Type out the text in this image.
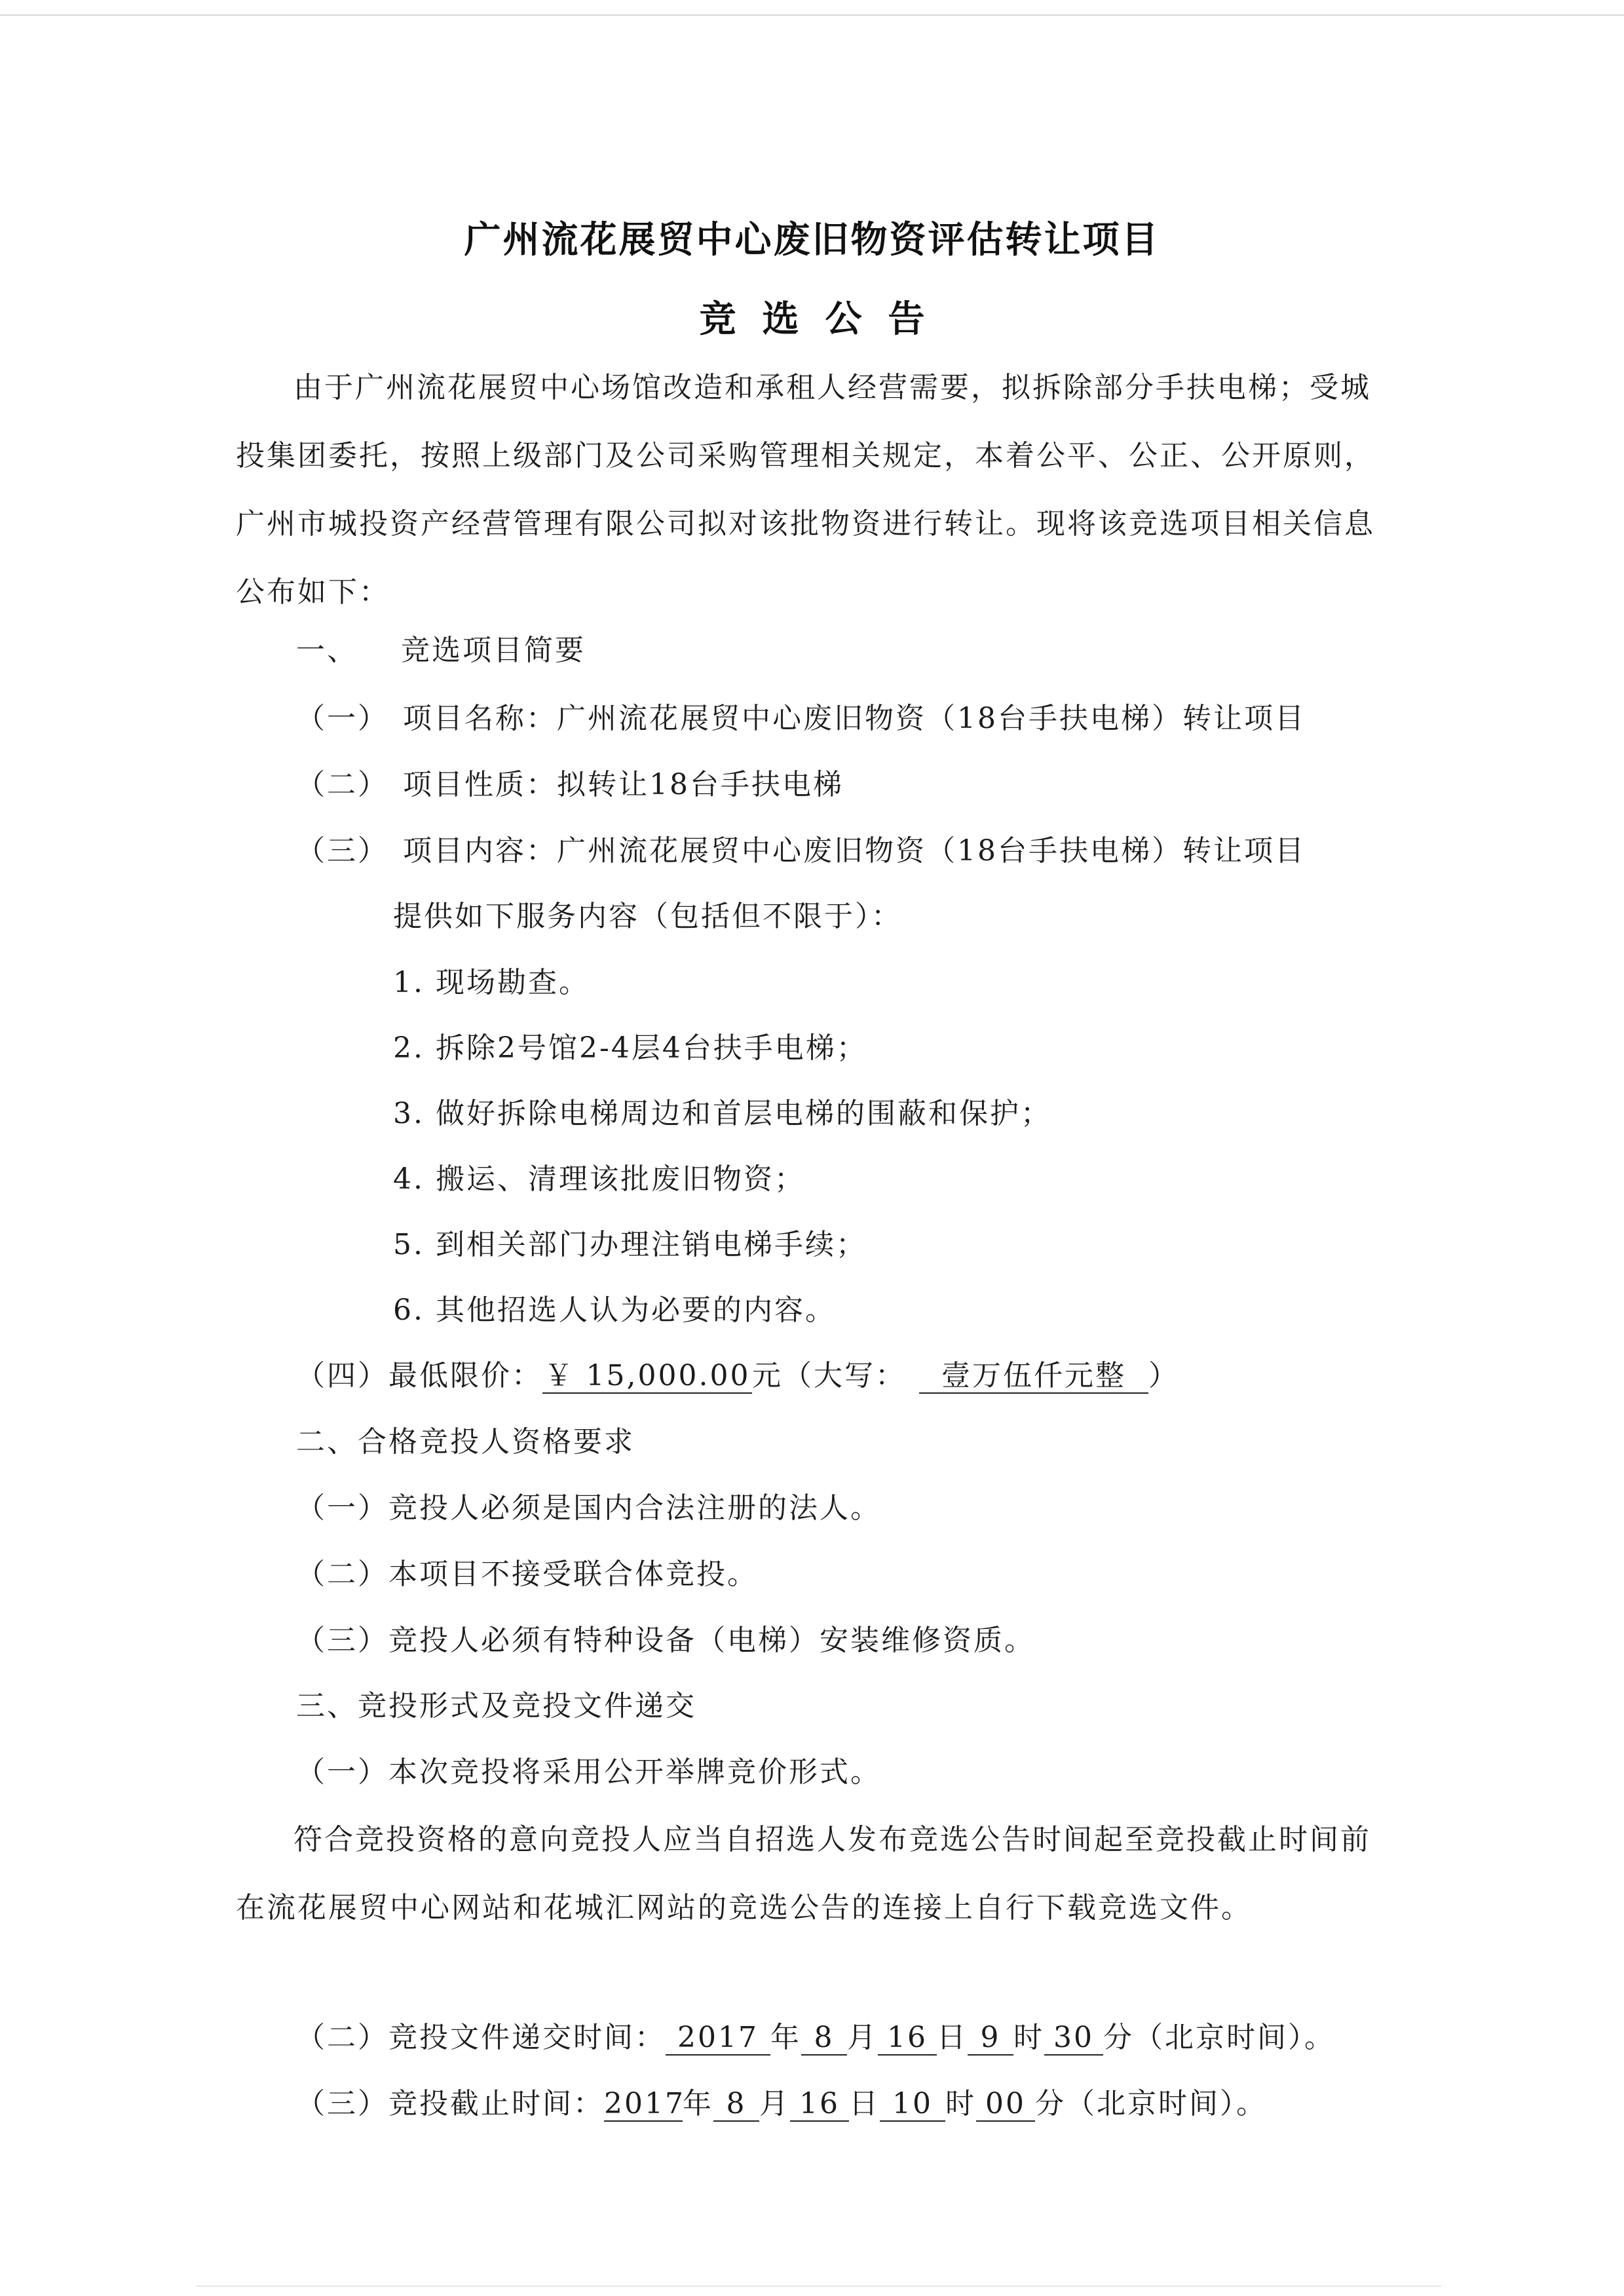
广州流花展贸中心废旧物资评估转让项目
竞选公告
由于广州流花展贸中心场馆改造和承租人经营需要，拟拆除部分手扶电梯；受城投集团委托，按照上级部门及公司采购管理相关规定，本着公平、公正、公开原则，广州市城投资产经营管理有限公司拟对该批物资进行转让。现将该竞选项目相关信息公布如下：
一、 竞选项目简要
（一） 项目名称：广州流花展贸中心废旧物资（18台手扶电梯）转让项目
（二） 项目性质：拟转让18台手扶电梯
（三） 项目内容：广州流花展贸中心废旧物资（18台手扶电梯）转让项目
提供如下服务内容（包括但不限于）：
1. 现场勘查。
2. 拆除2号馆2-4层4台扶手电梯；
3. 做好拆除电梯周边和首层电梯的围蔽和保护；
4. 搬运、清理该批废旧物资；
5. 到相关部门办理注销电梯手续；
6. 其他招选人认为必要的内容。
（四）最低限价：￥ 15,000.00元（大写： 壹万伍仟元整 ）
二、合格竞投人资格要求
（一）竞投人必须是国内合法注册的法人。
（二）本项目不接受联合体竞投。
（三）竞投人必须有特种设备（电梯）安装维修资质。
三、竞投形式及竞投文件递交
（一）本次竞投将采用公开举牌竞价形式。
符合竞投资格的意向竞投人应当自招选人发布竞选公告时间起至竞投截止时间前在流花展贸中心网站和花城汇网站的竞选公告的连接上自行下载竞选文件。
（二）竞投文件递交时间： 2017 年 8 月 16 日 9 时 30 分（北京时间）。
（三）竞投截止时间：2017年 8 月 16 日 10 时 00 分（北京时间）。
